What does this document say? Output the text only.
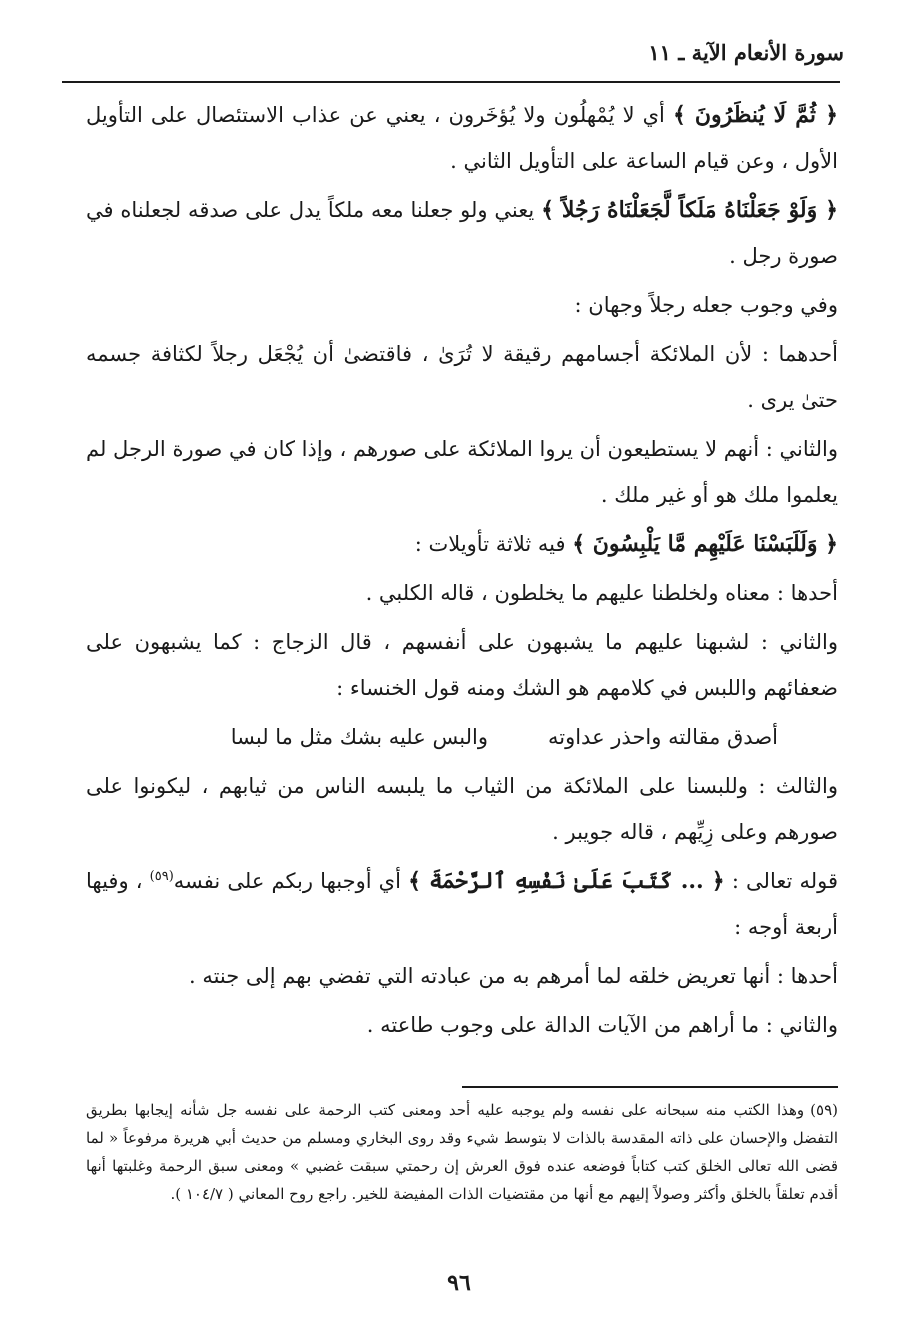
سورة الأنعام الآية ـ ١١

﴿ ثُمَّ لَا يُنظَرُونَ ﴾ أي لا يُمْهلُون ولا يُؤخَرون ، يعني عن عذاب الاستئصال على التأويل الأول ، وعن قيام الساعة على التأويل الثاني .

﴿ وَلَوْ جَعَلْنَاهُ مَلَكاً لَّجَعَلْنَاهُ رَجُلاً ﴾ يعني ولو جعلنا معه ملكاً يدل على صدقه لجعلناه في صورة رجل .

وفي وجوب جعله رجلاً وجهان :

أحدهما : لأن الملائكة أجسامهم رقيقة لا تُرَىٰ ، فاقتضىٰ أن يُجْعَل رجلاً لكثافة جسمه حتىٰ يرى .

والثاني : أنهم لا يستطيعون أن يروا الملائكة على صورهم ، وإذا كان في صورة الرجل لم يعلموا ملك هو أو غير ملك .

﴿ وَلَلَبَسْنَا عَلَيْهِم مَّا يَلْبِسُونَ ﴾ فيه ثلاثة تأويلات :

أحدها : معناه ولخلطنا عليهم ما يخلطون ، قاله الكلبي .

والثاني : لشبهنا عليهم ما يشبهون على أنفسهم ، قال الزجاج : كما يشبهون على ضعفائهم واللبس في كلامهم هو الشك ومنه قول الخنساء :

أصدق مقالته واحذر عداوته
والبس عليه بشك مثل ما لبسا

والثالث : وللبسنا على الملائكة من الثياب ما يلبسه الناس من ثيابهم ، ليكونوا على صورهم وعلى زِيِّهم ، قاله جويبر .

قوله تعالى : ﴿ ... كَتَبَ عَلَىٰ نَفْسِهِ ٱلرَّحْمَةَ ﴾ أي أوجبها ربكم على نفسه$^{(٥٩)}$ ، وفيها أربعة أوجه :

أحدها : أنها تعريض خلقه لما أمرهم به من عبادته التي تفضي بهم إلى جنته .

والثاني : ما أراهم من الآيات الدالة على وجوب طاعته .

(٥٩)وهذا الكتب منه سبحانه على نفسه ولم يوجبه عليه أحد ومعنى كتب الرحمة على نفسه جل شأنه إيجابها بطريق التفضل والإحسان على ذاته المقدسة بالذات لا بتوسط شيء وقد روى البخاري ومسلم من حديث أبي هريرة مرفوعاً « لما قضى الله تعالى الخلق كتب كتاباً فوضعه عنده فوق العرش إن رحمتي سبقت غضبي » ومعنى سبق الرحمة وغلبتها أنها أقدم تعلقاً بالخلق وأكثر وصولاً إليهم مع أنها من مقتضيات الذات المفيضة للخير. راجع روح المعاني ( ١٠٤/٧ ).
٩٦
